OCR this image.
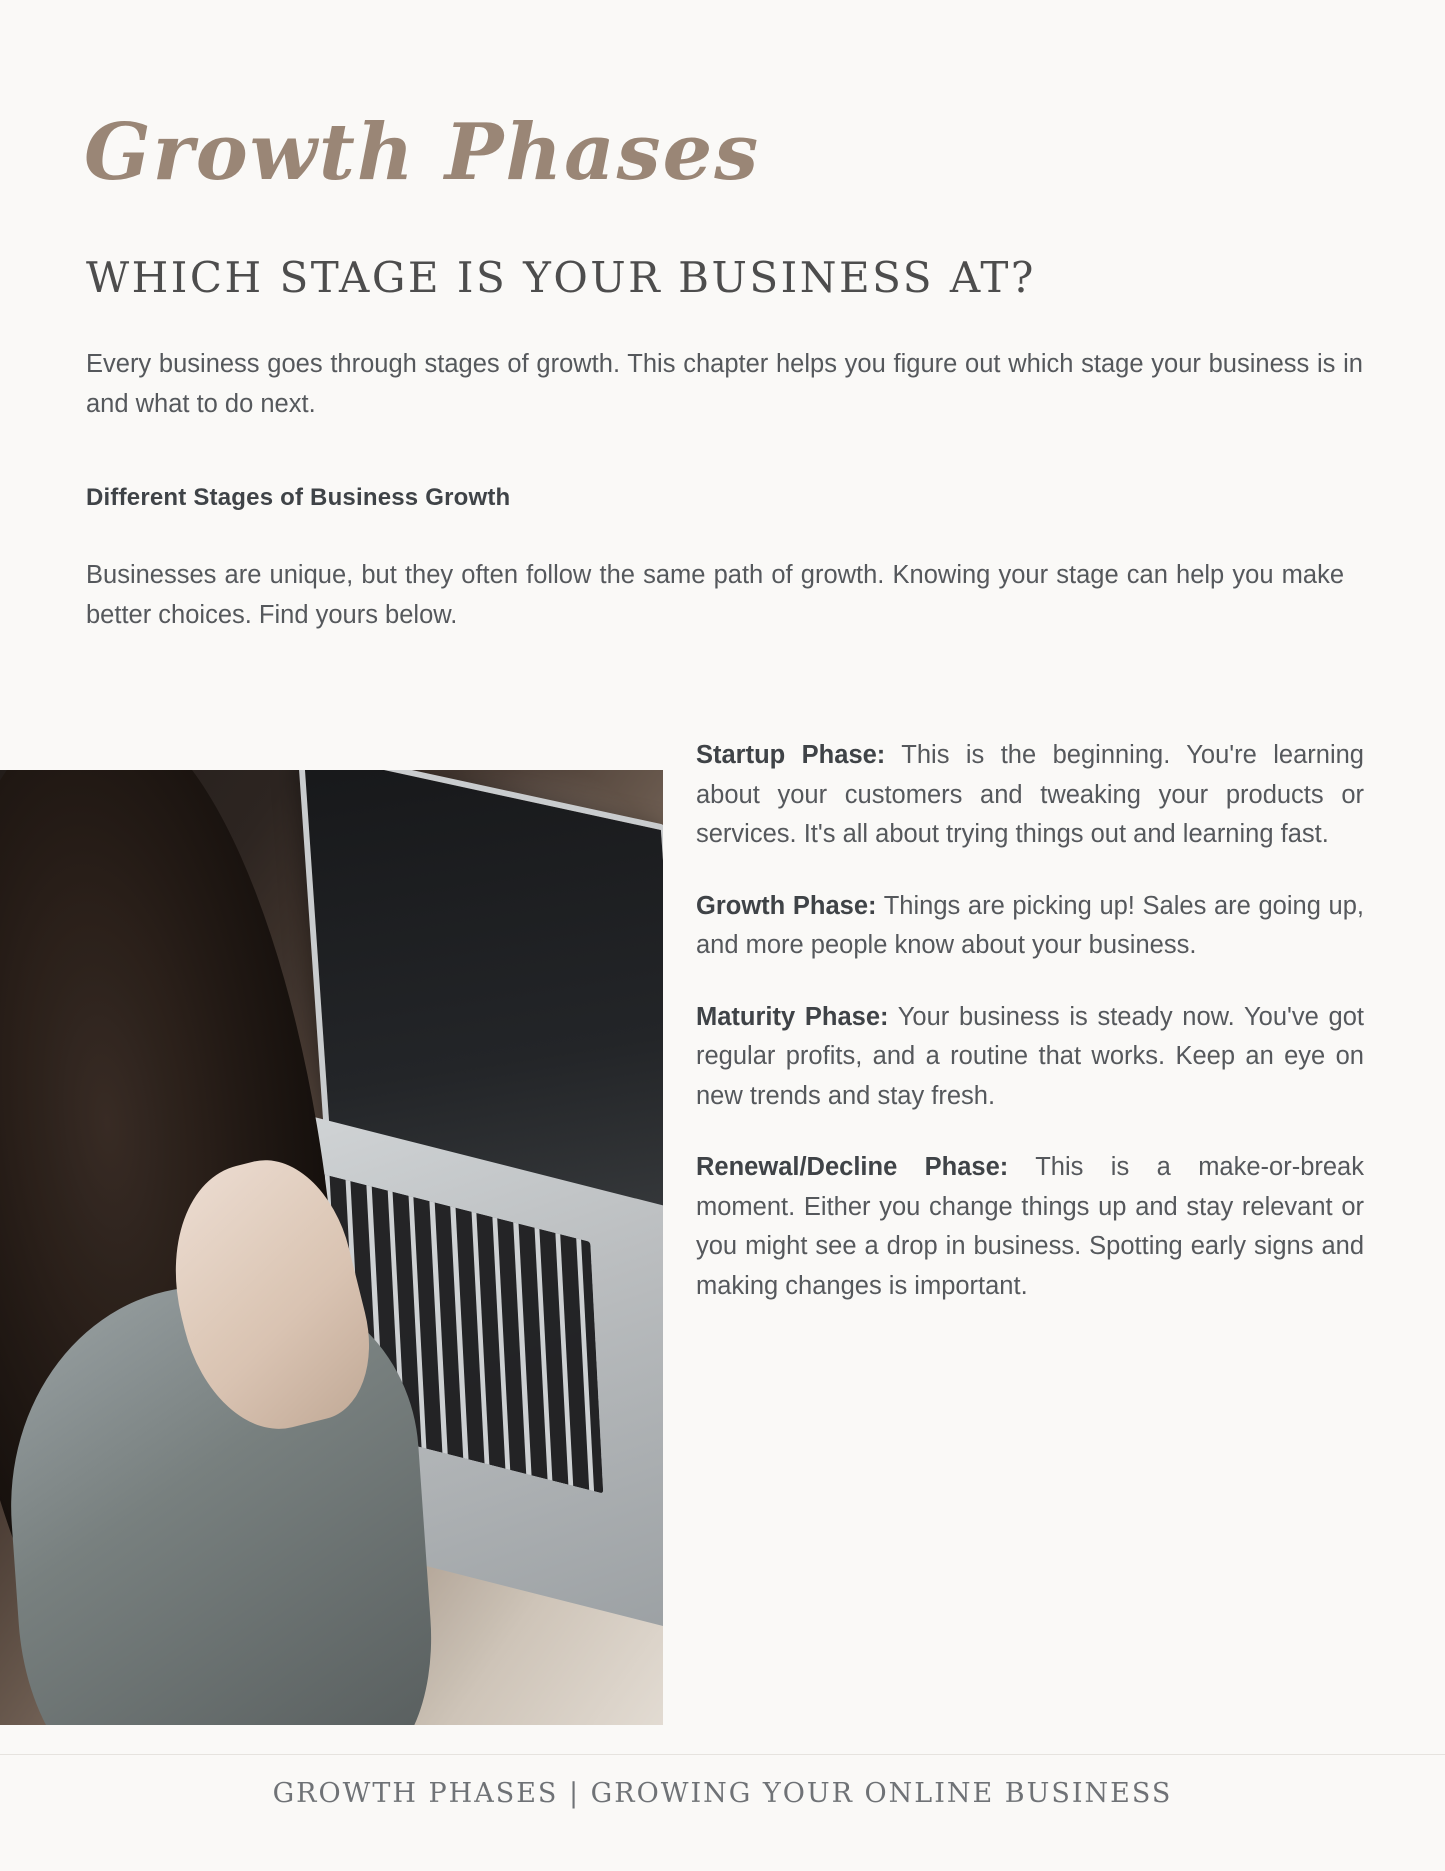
Growth Phases
WHICH STAGE IS YOUR BUSINESS AT?

Every business goes through stages of growth. This chapter helps you figure out which stage your business is in and what to do next.

Different Stages of Business Growth

Businesses are unique, but they often follow the same path of growth. Knowing your stage can help you make better choices. Find yours below.

Startup Phase: This is the beginning. You're learning about your customers and tweaking your products or services. It's all about trying things out and learning fast.

Growth Phase: Things are picking up! Sales are going up, and more people know about your business.

Maturity Phase: Your business is steady now. You've got regular profits, and a routine that works. Keep an eye on new trends and stay fresh.

Renewal/Decline Phase: This is a make-or-break moment. Either you change things up and stay relevant or you might see a drop in business. Spotting early signs and making changes is important.

GROWTH PHASES | GROWING YOUR ONLINE BUSINESS
